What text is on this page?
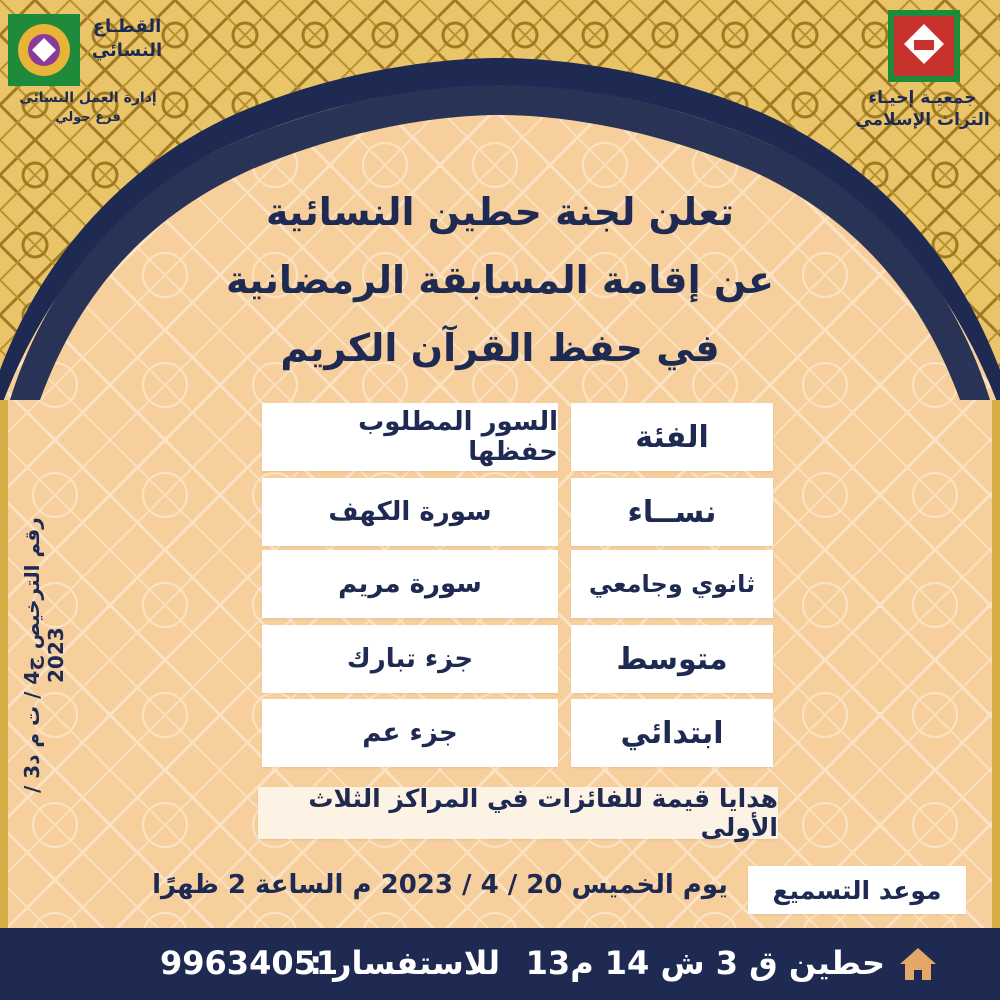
القطـاع
النسائي
إدارة العمل النسائي
فرع حولي
جمعيـة إحيـاء
التراث الإسلامي
تعلن لجنة حطين النسائية
عن إقامة المسابقة الرمضانية
في حفظ القرآن الكريم
رقم الترخيص ج4 / ت م د3 / 2023
الفئة
السور المطلوب حفظها
نســاء
سورة الكهف
ثانوي وجامعي
سورة مريم
متوسط
جزء تبارك
ابتدائي
جزء عم
هدايا قيمة للفائزات في المراكز الثلاث الأولى
موعد التسميع
يوم الخميس 20 / 4 / 2023 م الساعة 2 ظهرًا
حطين ق 3 ش 14 م13
للاستفسار :
99634051
